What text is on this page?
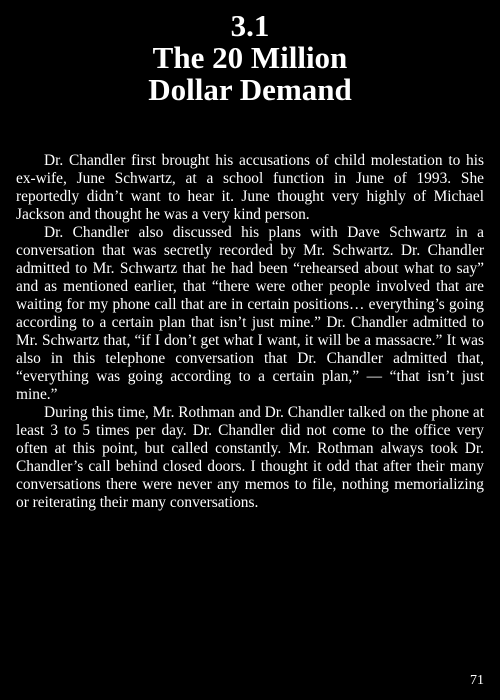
3.1
The 20 Million
Dollar Demand

Dr. Chandler first brought his accusations of child molestation to his ex-wife, June Schwartz, at a school function in June of 1993. She reportedly didn’t want to hear it. June thought very highly of Michael Jackson and thought he was a very kind person.

Dr. Chandler also discussed his plans with Dave Schwartz in a conversation that was secretly recorded by Mr. Schwartz. Dr. Chandler admitted to Mr. Schwartz that he had been “rehearsed about what to say” and as mentioned earlier, that “there were other people involved that are waiting for my phone call that are in certain positions… everything’s going according to a certain plan that isn’t just mine.” Dr. Chandler admitted to Mr. Schwartz that, “if I don’t get what I want, it will be a massacre.” It was also in this telephone conversation that Dr. Chandler admitted that, “everything was going according to a certain plan,” — “that isn’t just mine.”

During this time, Mr. Rothman and Dr. Chandler talked on the phone at least 3 to 5 times per day. Dr. Chandler did not come to the office very often at this point, but called constantly. Mr. Rothman always took Dr. Chandler’s call behind closed doors. I thought it odd that after their many conversations there were never any memos to file, nothing memorializing or reiterating their many conversations.

71
